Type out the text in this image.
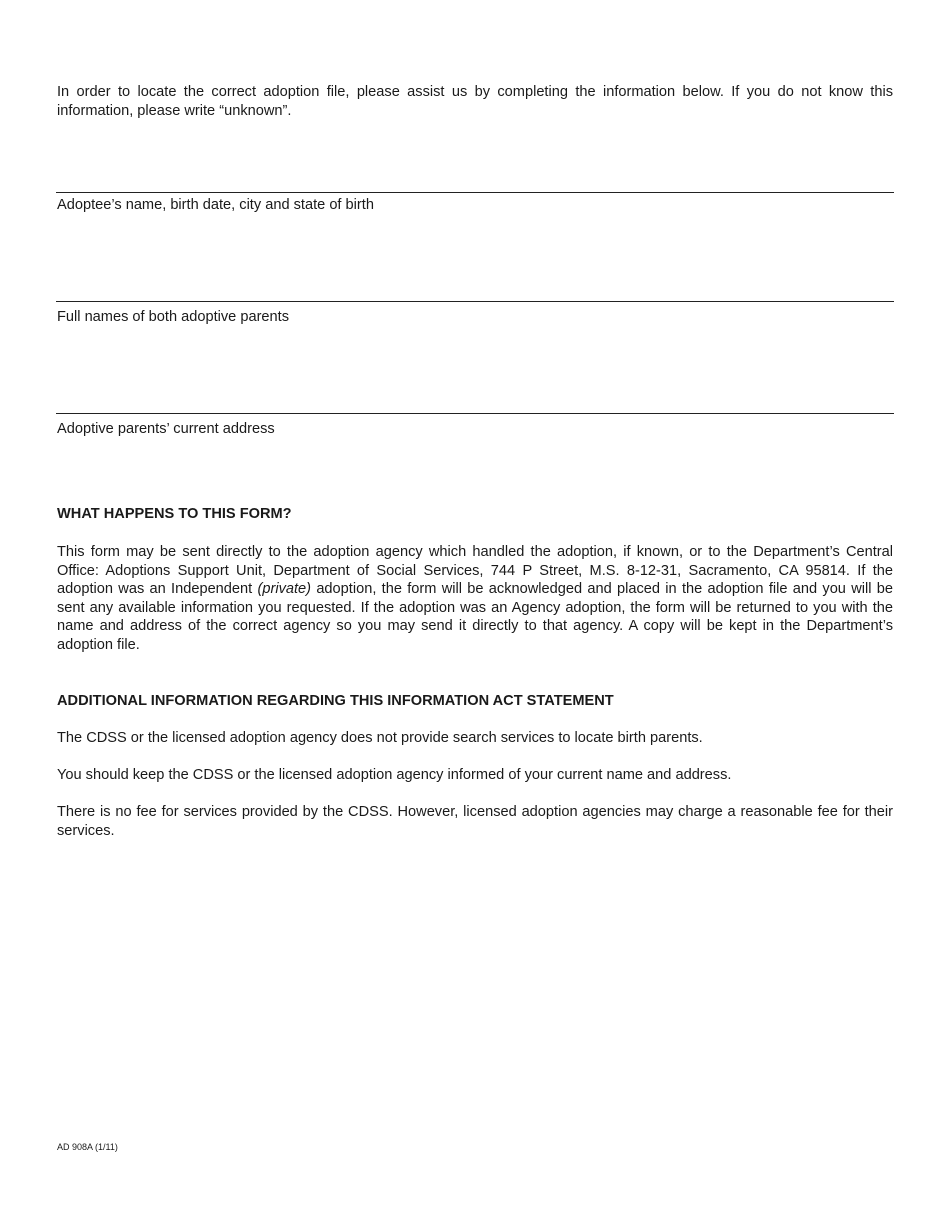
In order to locate the correct adoption file, please assist us by completing the information below. If you do not know this information, please write “unknown”.

Adoptee’s name, birth date, city and state of birth
Full names of both adoptive parents
Adoptive parents’ current address
WHAT HAPPENS TO THIS FORM?

This form may be sent directly to the adoption agency which handled the adoption, if known, or to the Department’s Central Office: Adoptions Support Unit, Department of Social Services, 744 P Street, M.S. 8-12-31, Sacramento, CA 95814. If the adoption was an Independent (private) adoption, the form will be acknowledged and placed in the adoption file and you will be sent any available information you requested. If the adoption was an Agency adoption, the form will be returned to you with the name and address of the correct agency so you may send it directly to that agency. A copy will be kept in the Department’s adoption file.

ADDITIONAL INFORMATION REGARDING THIS INFORMATION ACT STATEMENT

The CDSS or the licensed adoption agency does not provide search services to locate birth parents.

You should keep the CDSS or the licensed adoption agency informed of your current name and address.

There is no fee for services provided by the CDSS. However, licensed adoption agencies may charge a reasonable fee for their services.

AD 908A (1/11)
